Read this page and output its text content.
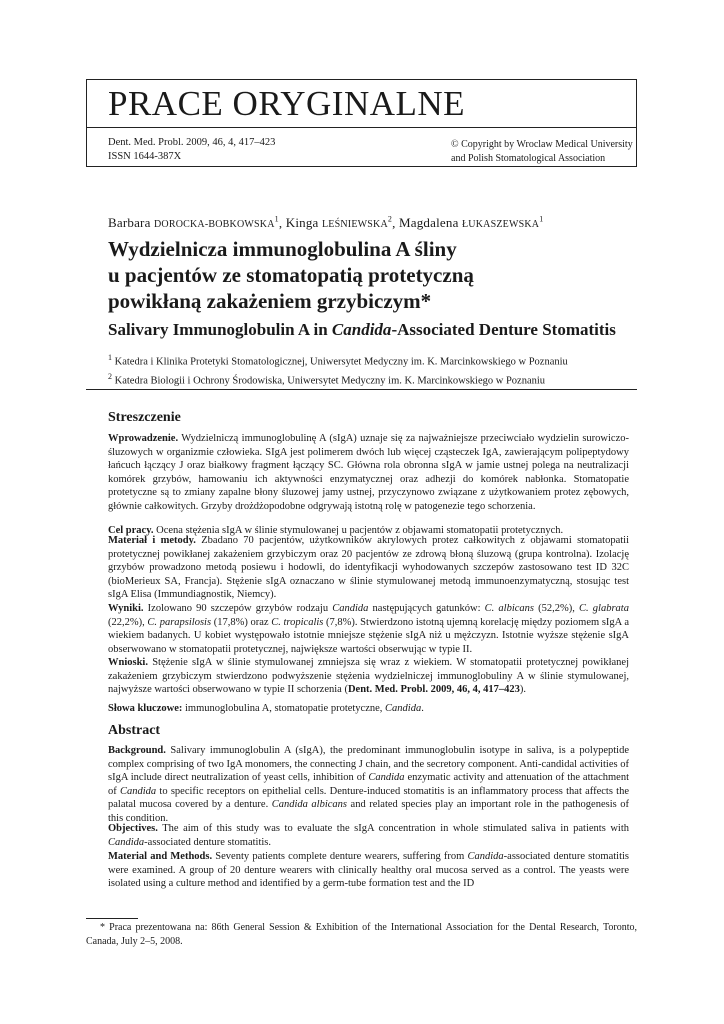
PRACE ORYGINALNE
Dent. Med. Probl. 2009, 46, 4, 417–423
ISSN 1644-387X
© Copyright by Wroclaw Medical University
and Polish Stomatological Association
Barbara DOROCKA-BOBKOWSKA$^1$, Kinga LEŚNIEWSKA$^2$, Magdalena ŁUKASZEWSKA$^1$
Wydzielnicza immunoglobulina A śliny
u pacjentów ze stomatopatią protetyczną
powikłaną zakażeniem grzybiczym*
Salivary Immunoglobulin A in Candida-Associated Denture Stomatitis
$^1$ Katedra i Klinika Protetyki Stomatologicznej, Uniwersytet Medyczny im. K. Marcinkowskiego w Poznaniu
$^2$ Katedra Biologii i Ochrony Środowiska, Uniwersytet Medyczny im. K. Marcinkowskiego w Poznaniu
Streszczenie
Wprowadzenie. Wydzielniczą immunoglobulinę A (sIgA) uznaje się za najważniejsze przeciwciało wydzielin surowiczo-śluzowych w organizmie człowieka. SIgA jest polimerem dwóch lub więcej cząsteczek IgA, zawierającym polipeptydowy łańcuch łączący J oraz białkowy fragment łączący SC. Główna rola obronna sIgA w jamie ustnej polega na neutralizacji komórek grzybów, hamowaniu ich aktywności enzymatycznej oraz adhezji do komórek nabłonka. Stomatopatie protetyczne są to zmiany zapalne błony śluzowej jamy ustnej, przyczynowo związane z użytkowaniem protez zębowych, głównie całkowitych. Grzyby drożdżopodobne odgrywają istotną rolę w patogenezie tego schorzenia.
Cel pracy. Ocena stężenia sIgA w ślinie stymulowanej u pacjentów z objawami stomatopatii protetycznych.
Materiał i metody. Zbadano 70 pacjentów, użytkowników akrylowych protez całkowitych z objawami stomatopatii protetycznej powikłanej zakażeniem grzybiczym oraz 20 pacjentów ze zdrową błoną śluzową (grupa kontrolna). Izolację grzybów prowadzono metodą posiewu i hodowli, do identyfikacji wyhodowanych szczepów zastosowano test ID 32C (bioMerieux SA, Francja). Stężenie sIgA oznaczano w ślinie stymulowanej metodą immunoenzymatyczną, stosując test sIgA Elisa (Immundiagnostik, Niemcy).
Wyniki. Izolowano 90 szczepów grzybów rodzaju Candida następujących gatunków: C. albicans (52,2%), C. glabrata (22,2%), C. parapsilosis (17,8%) oraz C. tropicalis (7,8%). Stwierdzono istotną ujemną korelację między poziomem sIgA a wiekiem badanych. U kobiet występowało istotnie mniejsze stężenie sIgA niż u mężczyzn. Istotnie wyższe stężenie sIgA obserwowano w stomatopatii protetycznej, największe wartości obserwując w typie II.
Wnioski. Stężenie sIgA w ślinie stymulowanej zmniejsza się wraz z wiekiem. W stomatopatii protetycznej powikłanej zakażeniem grzybiczym stwierdzono podwyższenie stężenia wydzielniczej immunoglobuliny A w ślinie stymulowanej, najwyższe wartości obserwowano w typie II schorzenia (Dent. Med. Probl. 2009, 46, 4, 417–423).
Słowa kluczowe: immunoglobulina A, stomatopatie protetyczne, Candida.
Abstract
Background. Salivary immunoglobulin A (sIgA), the predominant immunoglobulin isotype in saliva, is a polypeptide complex comprising of two IgA monomers, the connecting J chain, and the secretory component. Anti-candidal activities of sIgA include direct neutralization of yeast cells, inhibition of Candida enzymatic activity and attenuation of the attachment of Candida to specific receptors on epithelial cells. Denture-induced stomatitis is an inflammatory process that affects the palatal mucosa covered by a denture. Candida albicans and related species play an important role in the pathogenesis of this condition.
Objectives. The aim of this study was to evaluate the sIgA concentration in whole stimulated saliva in patients with Candida-associated denture stomatitis.
Material and Methods. Seventy patients complete denture wearers, suffering from Candida-associated denture stomatitis were examined. A group of 20 denture wearers with clinically healthy oral mucosa served as a control. The yeasts were isolated using a culture method and identified by a germ-tube formation test and the ID
* Praca prezentowana na: 86th General Session & Exhibition of the International Association for the Dental Research, Toronto, Canada, July 2–5, 2008.
